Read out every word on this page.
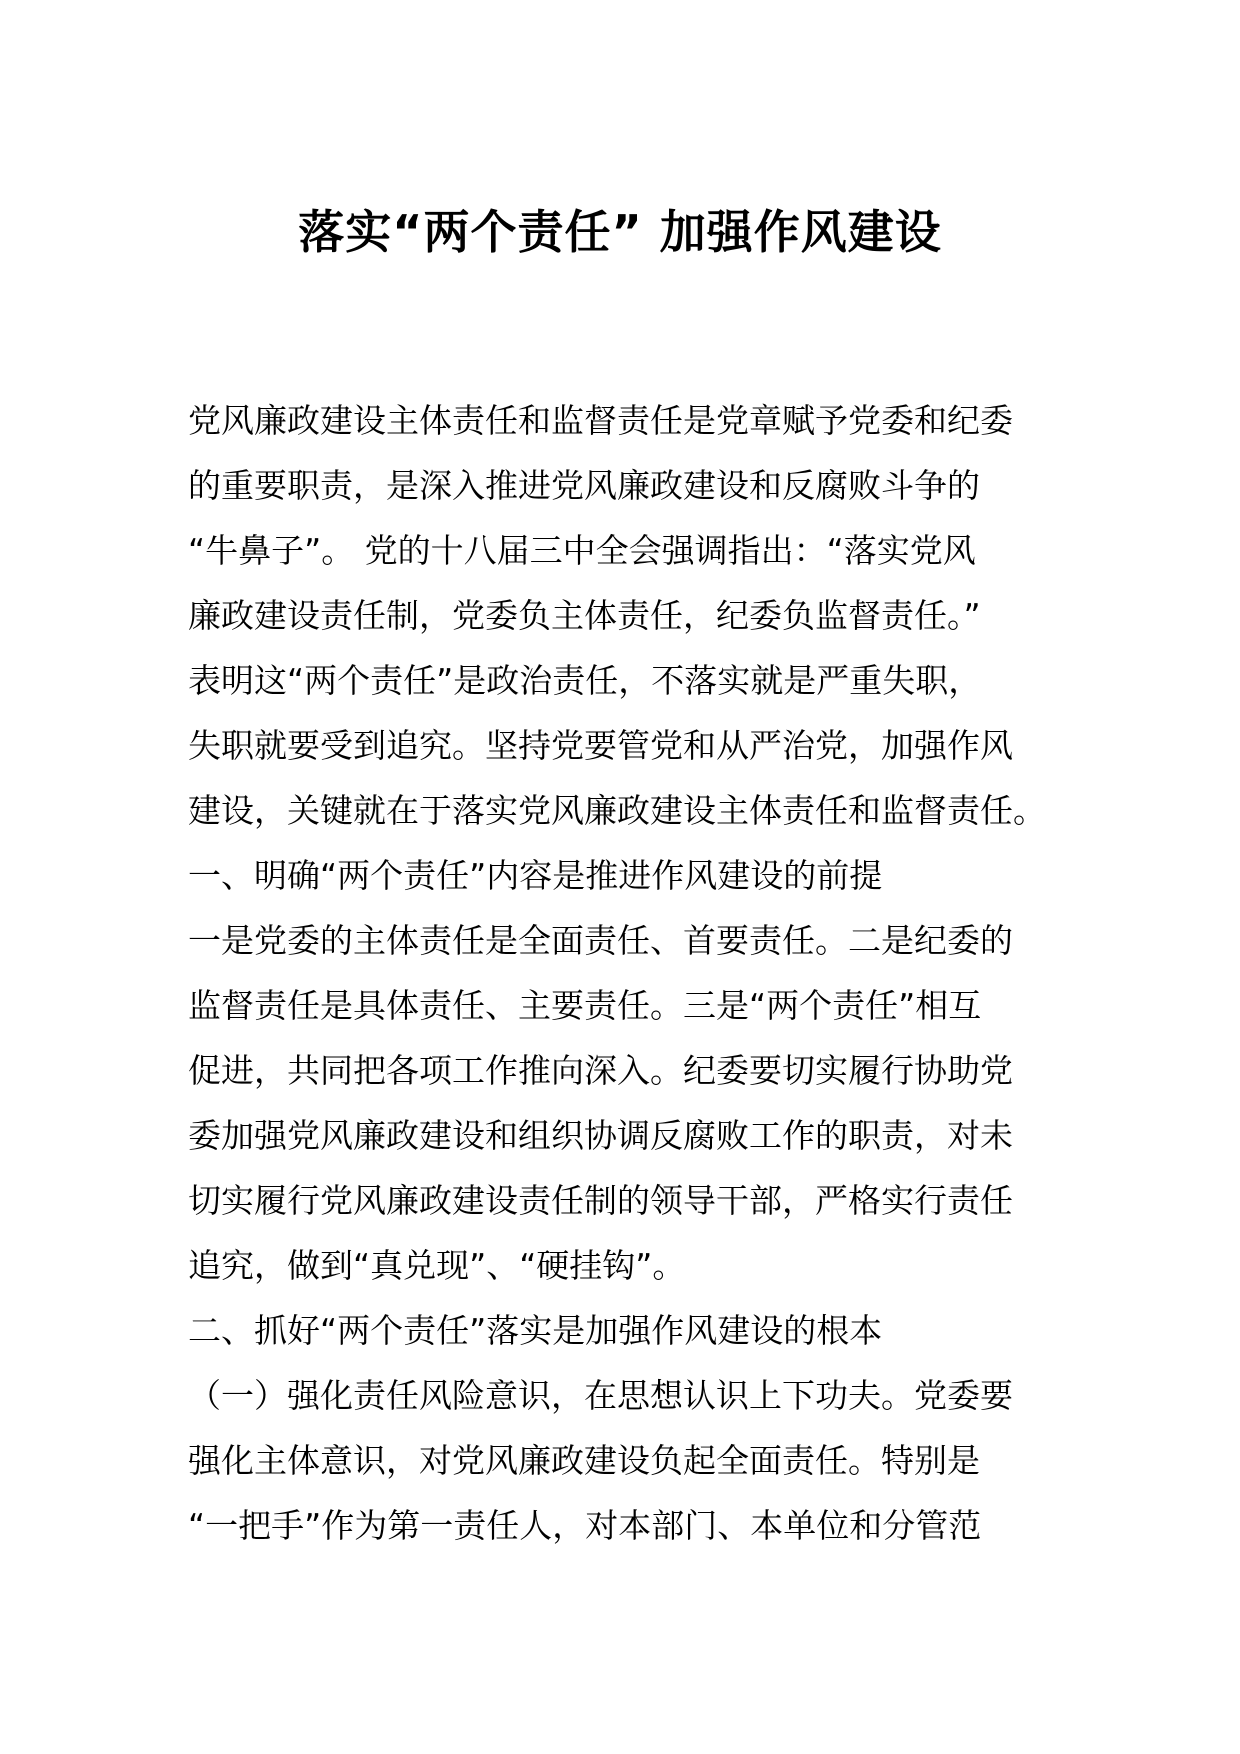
落实“两个责任” 加强作风建设
党风廉政建设主体责任和监督责任是党章赋予党委和纪委
的重要职责，是深入推进党风廉政建设和反腐败斗争的
“牛鼻子”。 党的十八届三中全会强调指出：“落实党风
廉政建设责任制，党委负主体责任，纪委负监督责任。”
表明这“两个责任”是政治责任，不落实就是严重失职，
失职就要受到追究。坚持党要管党和从严治党，加强作风
建设，关键就在于落实党风廉政建设主体责任和监督责任。
一、明确“两个责任”内容是推进作风建设的前提
一是党委的主体责任是全面责任、首要责任。二是纪委的
监督责任是具体责任、主要责任。三是“两个责任”相互
促进，共同把各项工作推向深入。纪委要切实履行协助党
委加强党风廉政建设和组织协调反腐败工作的职责，对未
切实履行党风廉政建设责任制的领导干部，严格实行责任
追究，做到“真兑现”、“硬挂钩”。
二、抓好“两个责任”落实是加强作风建设的根本
（一）强化责任风险意识，在思想认识上下功夫。党委要
强化主体意识，对党风廉政建设负起全面责任。特别是
“一把手”作为第一责任人，对本部门、本单位和分管范
